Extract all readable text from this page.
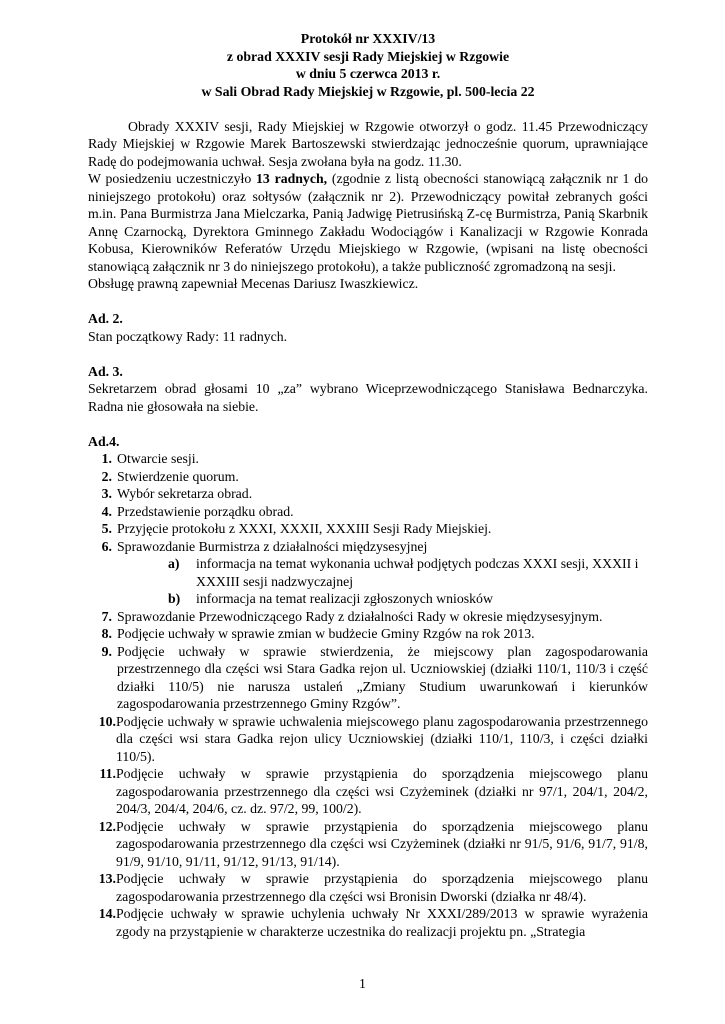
Protokół nr XXXIV/13
z obrad XXXIV sesji Rady Miejskiej w Rzgowie
w dniu 5 czerwca 2013 r.
w Sali Obrad Rady Miejskiej w Rzgowie, pl. 500-lecia 22
Obrady XXXIV sesji, Rady Miejskiej w Rzgowie otworzył o godz. 11.45 Przewodniczący Rady Miejskiej w Rzgowie Marek Bartoszewski stwierdzając jednocześnie quorum, uprawniające Radę do podejmowania uchwał. Sesja zwołana była na godz. 11.30.
W posiedzeniu uczestniczyło 13 radnych, (zgodnie z listą obecności stanowiącą załącznik nr 1 do niniejszego protokołu) oraz sołtysów (załącznik nr 2). Przewodniczący powitał zebranych gości m.in. Pana Burmistrza Jana Mielczarka, Panią Jadwigę Pietrusińską Z-cę Burmistrza, Panią Skarbnik Annę Czarnocką, Dyrektora Gminnego Zakładu Wodociągów i Kanalizacji w Rzgowie Konrada Kobusa, Kierowników Referatów Urzędu Miejskiego w Rzgowie, (wpisani na listę obecności stanowiącą załącznik nr 3 do niniejszego protokołu), a także publiczność zgromadzoną na sesji.
Obsługę prawną zapewniał Mecenas Dariusz Iwaszkiewicz.
Ad. 2.
Stan początkowy Rady: 11 radnych.
Ad. 3.
Sekretarzem obrad głosami 10 „za” wybrano Wiceprzewodniczącego Stanisława Bednarczyka. Radna nie głosowała na siebie.
Ad.4.
1. Otwarcie sesji.
2. Stwierdzenie quorum.
3. Wybór sekretarza obrad.
4. Przedstawienie porządku obrad.
5. Przyjęcie protokołu z XXXI, XXXII, XXXIII Sesji Rady Miejskiej.
6. Sprawozdanie Burmistrza z działalności międzysesyjnej
a) informacja na temat wykonania uchwał podjętych podczas XXXI sesji, XXXII i XXXIII sesji nadzwyczajnej
b) informacja na temat realizacji zgłoszonych wniosków
7. Sprawozdanie Przewodniczącego Rady z działalności Rady w okresie międzysesyjnym.
8. Podjęcie uchwały w sprawie zmian w budżecie Gminy Rzgów na rok 2013.
9. Podjęcie uchwały w sprawie stwierdzenia, że miejscowy plan zagospodarowania przestrzennego dla części wsi Stara Gadka rejon ul. Uczniowskiej (działki 110/1, 110/3 i część działki 110/5) nie narusza ustaleń „Zmiany Studium uwarunkowań i kierunków zagospodarowania przestrzennego Gminy Rzgów”.
10. Podjęcie uchwały w sprawie uchwalenia miejscowego planu zagospodarowania przestrzennego dla części wsi stara Gadka rejon ulicy Uczniowskiej (działki 110/1, 110/3, i części działki 110/5).
11. Podjęcie uchwały w sprawie przystąpienia do sporządzenia miejscowego planu zagospodarowania przestrzennego dla części wsi Czyżeminek (działki nr 97/1, 204/1, 204/2, 204/3, 204/4, 204/6, cz. dz. 97/2, 99, 100/2).
12. Podjęcie uchwały w sprawie przystąpienia do sporządzenia miejscowego planu zagospodarowania przestrzennego dla części wsi Czyżeminek (działki nr 91/5, 91/6, 91/7, 91/8, 91/9, 91/10, 91/11, 91/12, 91/13, 91/14).
13. Podjęcie uchwały w sprawie przystąpienia do sporządzenia miejscowego planu zagospodarowania przestrzennego dla części wsi Bronisin Dworski (działka nr 48/4).
14. Podjęcie uchwały w sprawie uchylenia uchwały Nr XXXI/289/2013 w sprawie wyrażenia zgody na przystąpienie w charakterze uczestnika do realizacji projektu pn. „Strategia
1
